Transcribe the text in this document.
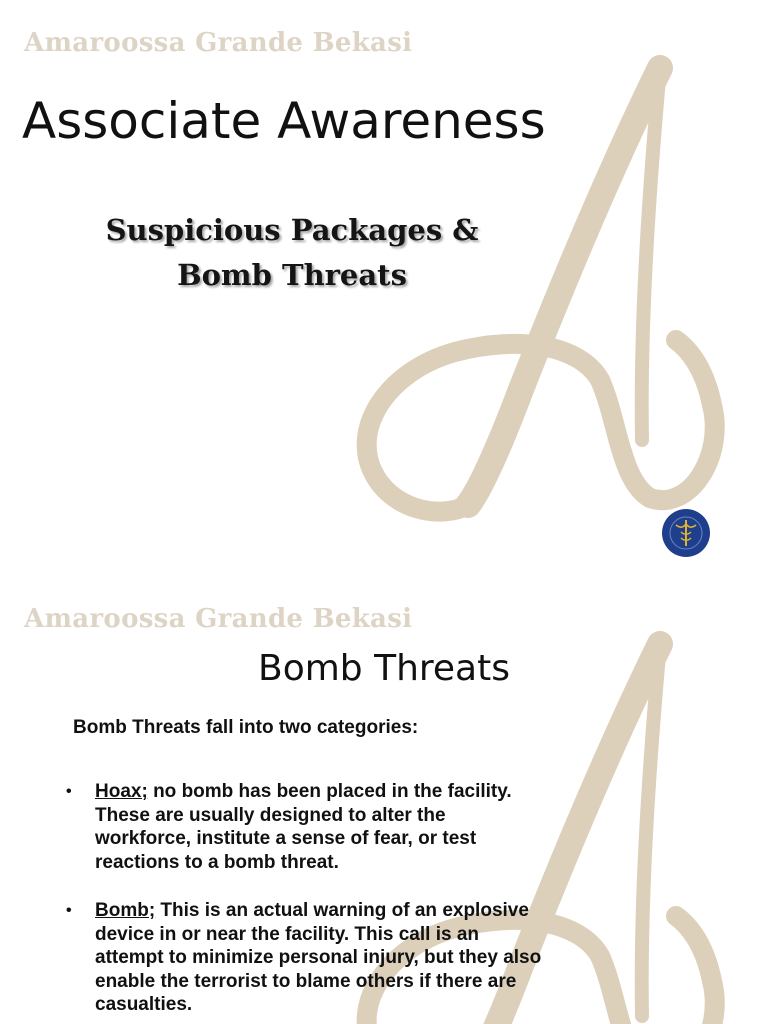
Amaroossa Grande Bekasi
Associate Awareness
Suspicious Packages &
Bomb Threats
Amaroossa Grande Bekasi
Bomb Threats
Bomb Threats fall into two categories:
• Hoax; no bomb has been placed in the facility. These are usually designed to alter the workforce, institute a sense of fear, or test reactions to a bomb threat.
• Bomb; This is an actual warning of an explosive device in or near the facility. This call is an attempt to minimize personal injury, but they also enable the terrorist to blame others if there are casualties.
